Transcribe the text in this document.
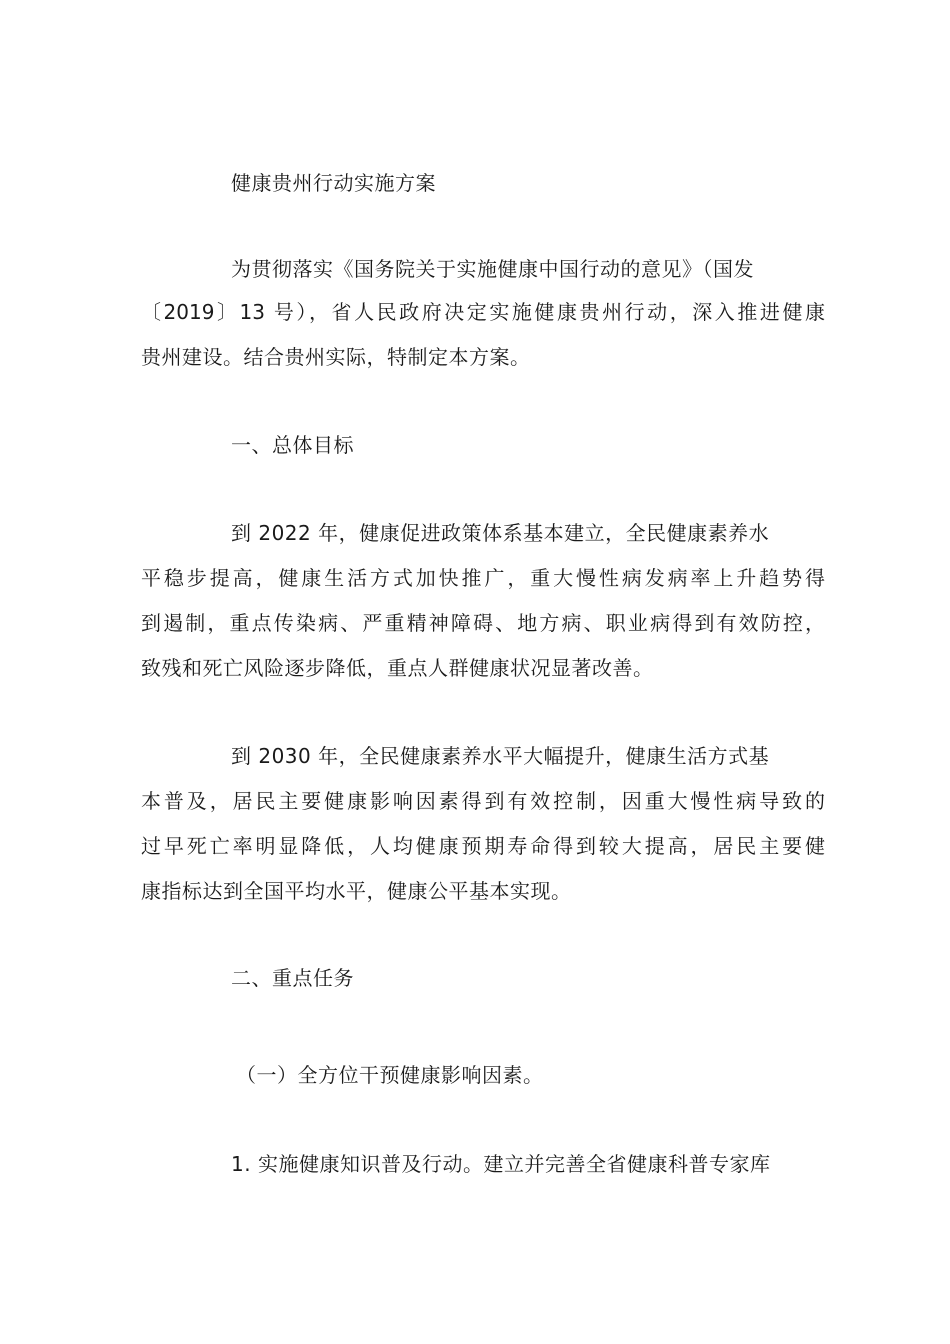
健康贵州行动实施方案
为贯彻落实《国务院关于实施健康中国行动的意见》（国发
〔2019〕13 号），省人民政府决定实施健康贵州行动，深入推进健康
贵州建设。结合贵州实际，特制定本方案。
一、总体目标
到 2022 年，健康促进政策体系基本建立，全民健康素养水
平稳步提高，健康生活方式加快推广，重大慢性病发病率上升趋势得
到遏制，重点传染病、严重精神障碍、地方病、职业病得到有效防控，
致残和死亡风险逐步降低，重点人群健康状况显著改善。
到 2030 年，全民健康素养水平大幅提升，健康生活方式基
本普及，居民主要健康影响因素得到有效控制，因重大慢性病导致的
过早死亡率明显降低，人均健康预期寿命得到较大提高，居民主要健
康指标达到全国平均水平，健康公平基本实现。
二、重点任务
（一）全方位干预健康影响因素。
1. 实施健康知识普及行动。建立并完善全省健康科普专家库
